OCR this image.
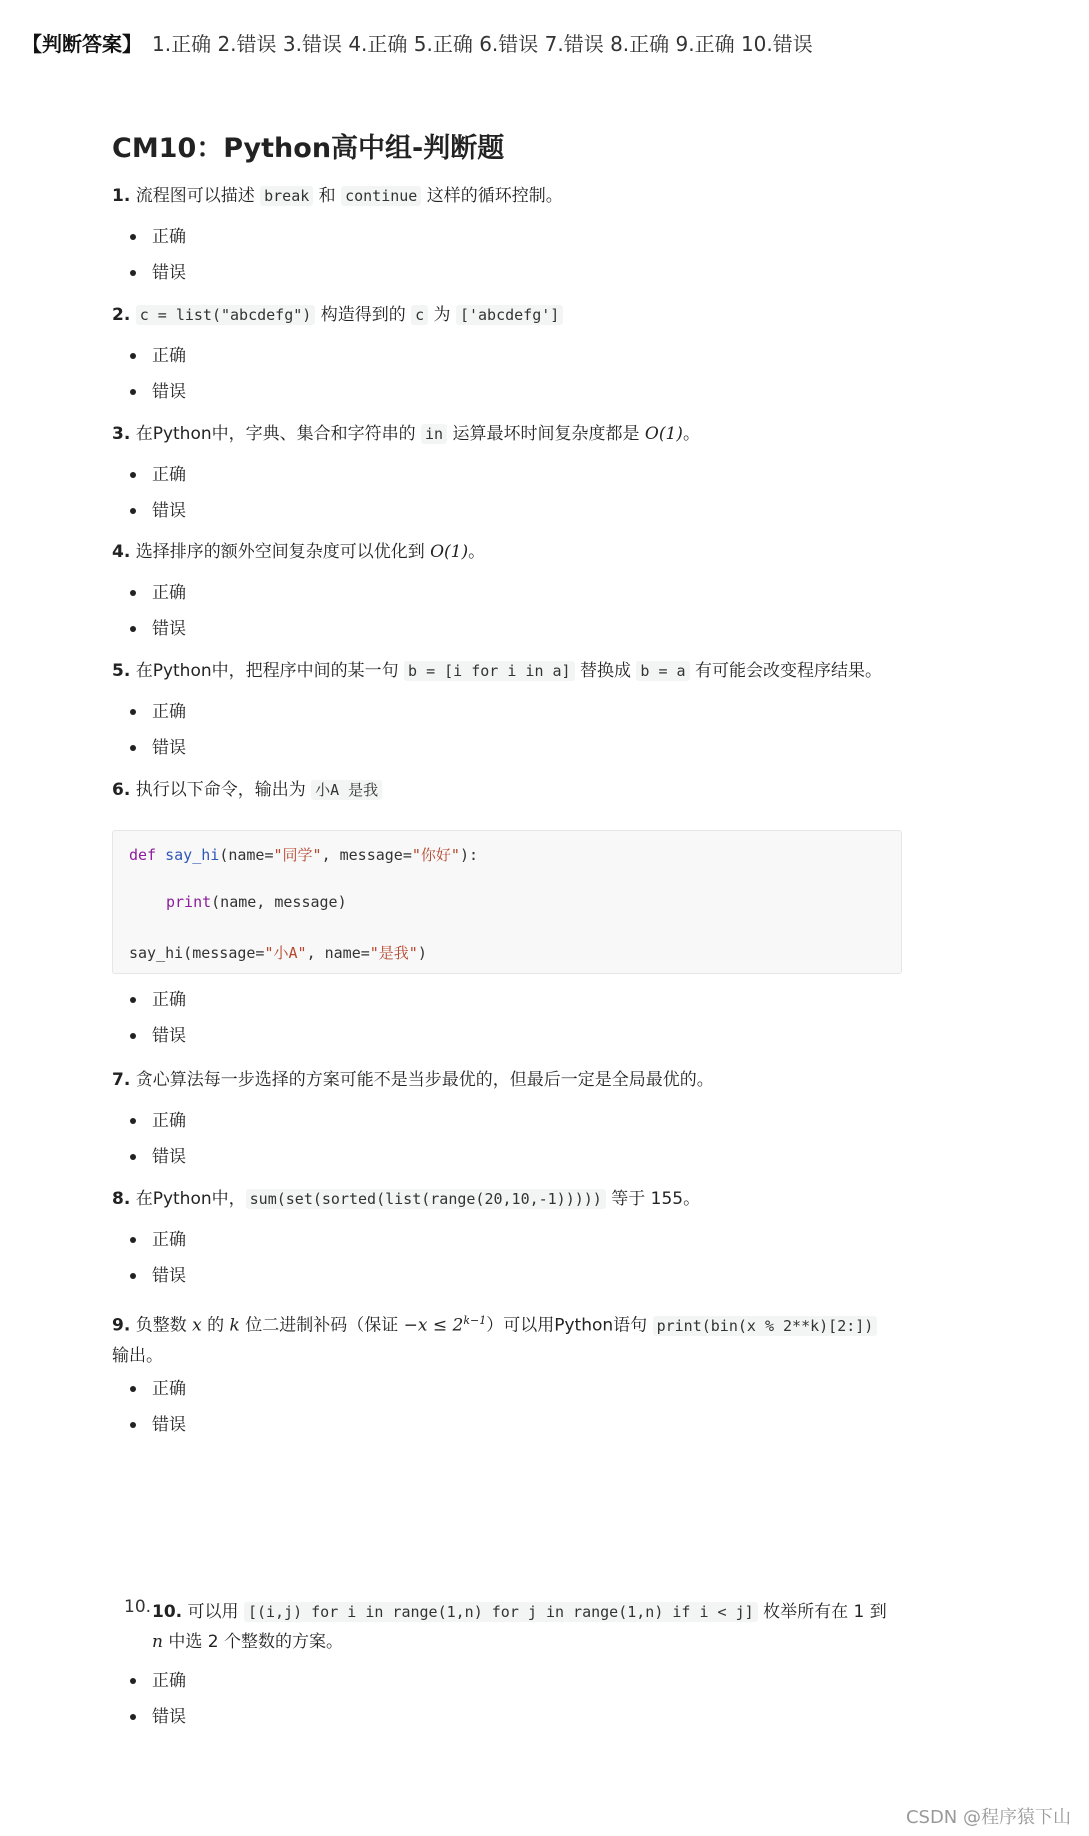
【判断答案】 1.正确 2.错误 3.错误 4.正确 5.正确 6.错误 7.错误 8.正确 9.正确 10.错误
CM10：Python高中组-判断题
1. 流程图可以描述 break 和 continue 这样的循环控制。
正确
错误
2. c = list("abcdefg") 构造得到的 c 为 ['abcdefg']
正确
错误
3. 在Python中，字典、集合和字符串的 in 运算最坏时间复杂度都是 O(1)。
正确
错误
4. 选择排序的额外空间复杂度可以优化到 O(1)。
正确
错误
5. 在Python中，把程序中间的某一句 b = [i for i in a] 替换成 b = a 有可能会改变程序结果。
正确
错误
6. 执行以下命令，输出为 小A 是我
def say_hi(name="同学", message="你好"):
print(name, message)
say_hi(message="小A", name="是我")
正确
错误
7. 贪心算法每一步选择的方案可能不是当步最优的，但最后一定是全局最优的。
正确
错误
8. 在Python中， sum(set(sorted(list(range(20,10,-1))))) 等于 155。
正确
错误
9. 负整数 x 的 k 位二进制补码（保证 $-x \le 2^{k-1}$）可以用Python语句 print(bin(x % 2**k)[2:])
输出。
正确
错误
10. 10. 可以用 [(i,j) for i in range(1,n) for j in range(1,n) if i < j] 枚举所有在 1 到
n 中选 2 个整数的方案。
正确
错误
CSDN @程序猿下山
